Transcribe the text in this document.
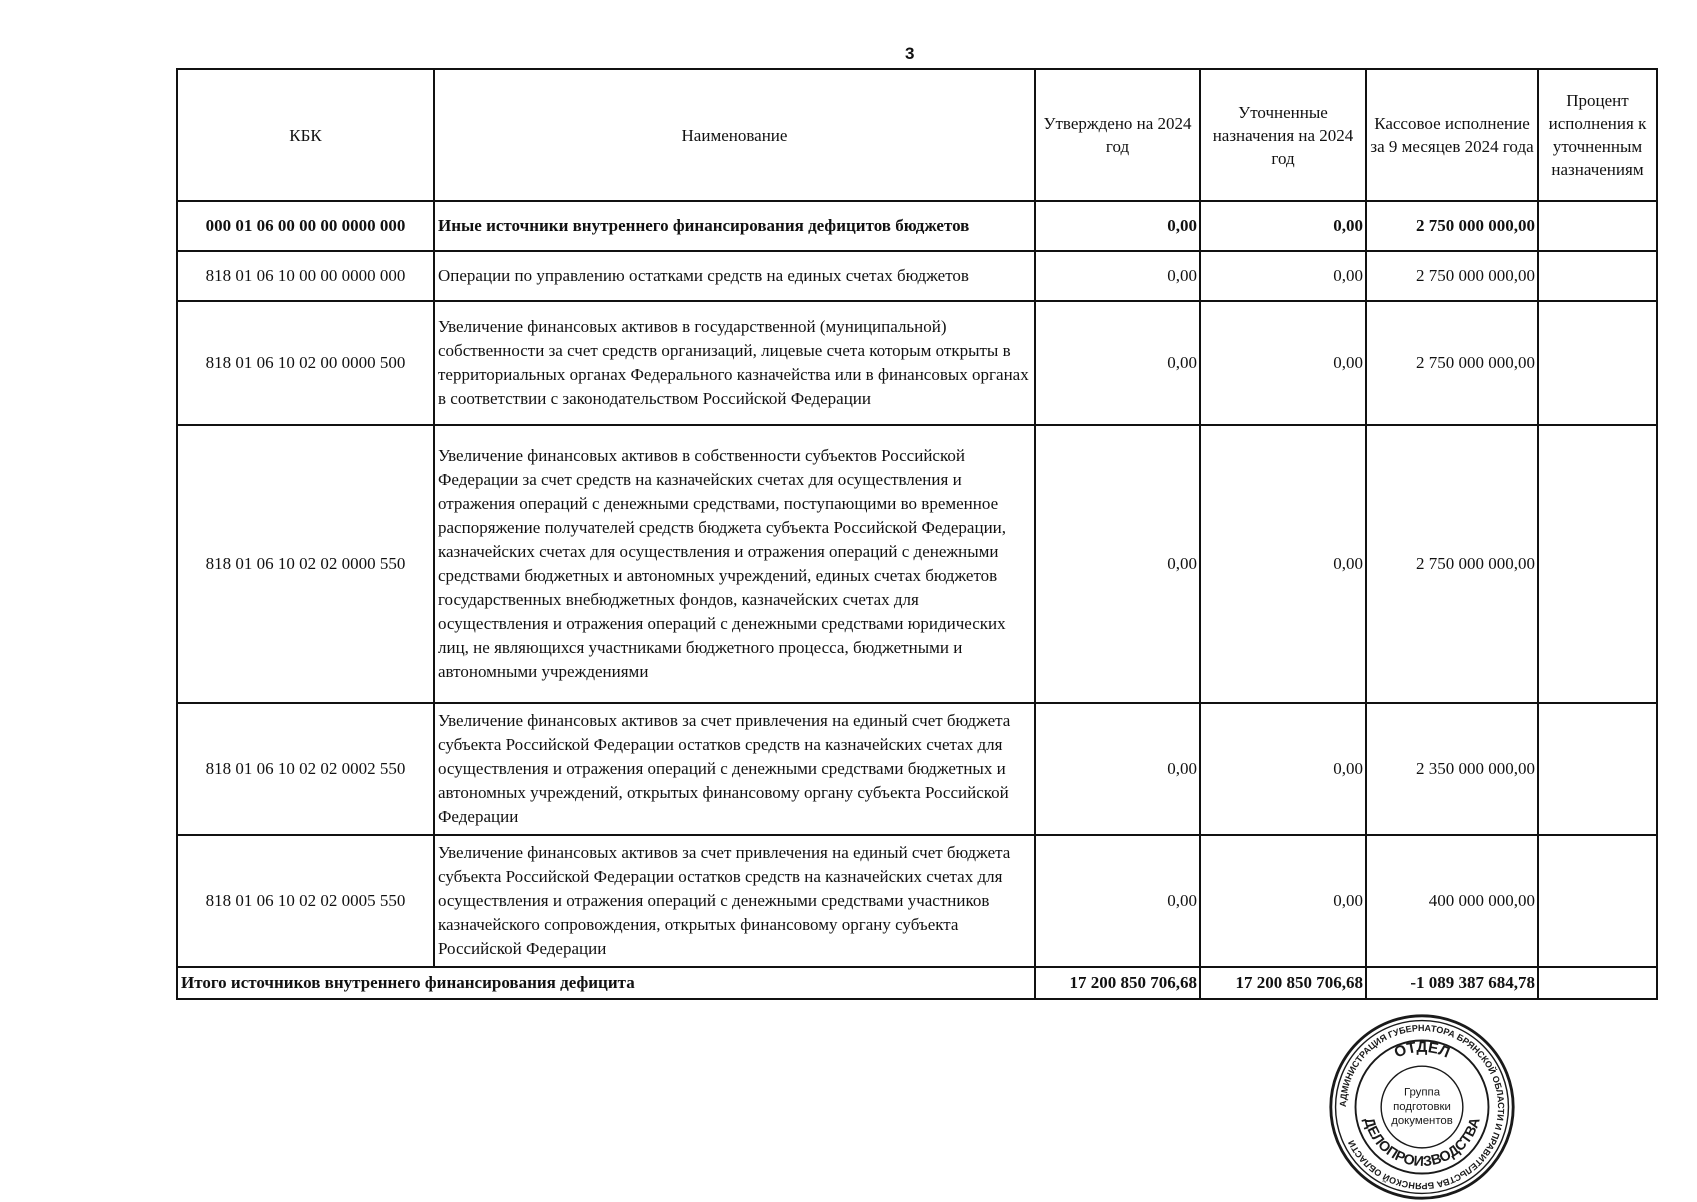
3
КБК	Наименование	Утверждено на 2024 год	Уточненные назначения на 2024 год	Кассовое исполнение за 9 месяцев 2024 года	Процент исполнения к уточненным назначениям
000 01 06 00 00 00 0000 000	Иные источники внутреннего финансирования дефицитов бюджетов	0,00	0,00	2 750 000 000,00	
818 01 06 10 00 00 0000 000	Операции по управлению остатками средств на единых счетах бюджетов	0,00	0,00	2 750 000 000,00	
818 01 06 10 02 00 0000 500	Увеличение финансовых активов в государственной (муниципальной) собственности за счет средств организаций, лицевые счета которым открыты в территориальных органах Федерального казначейства или в финансовых органах в соответствии с законодательством Российской Федерации	0,00	0,00	2 750 000 000,00	
818 01 06 10 02 02 0000 550	Увеличение финансовых активов в собственности субъектов Российской Федерации за счет средств на казначейских счетах для осуществления и отражения операций с денежными средствами, поступающими во временное распоряжение получателей средств бюджета субъекта Российской Федерации, казначейских счетах для осуществления и отражения операций с денежными средствами бюджетных и автономных учреждений, единых счетах бюджетов государственных внебюджетных фондов, казначейских счетах для осуществления и отражения операций с денежными средствами юридических лиц, не являющихся участниками бюджетного процесса, бюджетными и автономными учреждениями	0,00	0,00	2 750 000 000,00	
818 01 06 10 02 02 0002 550	Увеличение финансовых активов за счет привлечения на единый счет бюджета субъекта Российской Федерации остатков средств на казначейских счетах для осуществления и отражения операций с денежными средствами бюджетных и автономных учреждений, открытых финансовому органу субъекта Российской Федерации	0,00	0,00	2 350 000 000,00	
818 01 06 10 02 02 0005 550	Увеличение финансовых активов за счет привлечения на единый счет бюджета субъекта Российской Федерации остатков средств на казначейских счетах для осуществления и отражения операций с денежными средствами участников казначейского сопровождения, открытых финансовому органу субъекта Российской Федерации	0,00	0,00	400 000 000,00	
Итого источников внутреннего финансирования дефицита		17 200 850 706,68	17 200 850 706,68	-1 089 387 684,78	
АДМИНИСТРАЦИЯ ГУБЕРНАТОРА БРЯНСКОЙ ОБЛАСТИ И ПРАВИТЕЛЬСТВА БРЯНСКОЙ ОБЛАСТИ
ОТДЕЛ
ДЕЛОПРОИЗВОДСТВА
Группа
подготовки
документов
